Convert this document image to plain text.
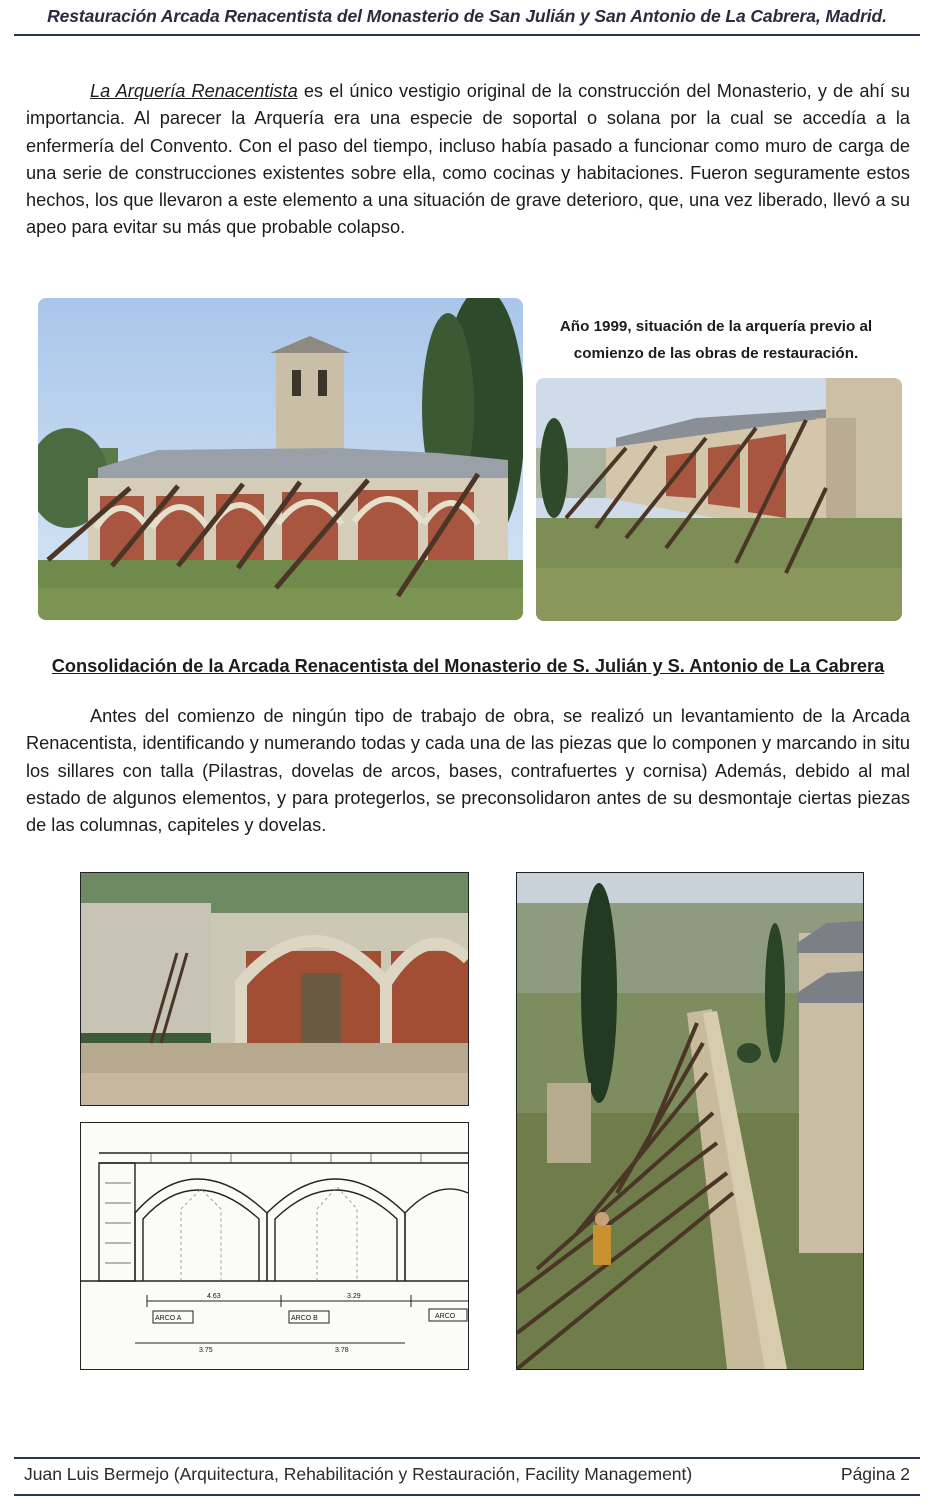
Restauración Arcada Renacentista del Monasterio de San Julián y San Antonio de La Cabrera, Madrid.

La Arquería Renacentista es el único vestigio original de la construcción del Monasterio, y de ahí su importancia. Al parecer la Arquería era una especie de soportal o solana por la cual se accedía a la enfermería del Convento. Con el paso del tiempo, incluso había pasado a funcionar como muro de carga de una serie de construcciones existentes sobre ella, como cocinas y habitaciones. Fueron seguramente estos hechos, los que llevaron a este elemento a una situación de grave deterioro, que, una vez liberado, llevó a su apeo para evitar su más que probable colapso.

Año 1999, situación de la arquería previo al comienzo de las obras de restauración.

Consolidación de la Arcada Renacentista del Monasterio de S. Julián y S. Antonio de La Cabrera

Antes del comienzo de ningún tipo de trabajo de obra, se realizó un levantamiento de la Arcada Renacentista, identificando y numerando todas y cada una de las piezas que lo componen y marcando in situ los sillares con talla (Pilastras, dovelas de arcos, bases, contrafuertes y cornisa) Además, debido al mal estado de algunos elementos, y para protegerlos, se preconsolidaron antes de su desmontaje ciertas piezas de las columnas, capiteles y dovelas.

ARCO A	ARCO B	ARCO
4.63	3.29
3.75	3.78
Juan Luis Bermejo (Arquitectura, Rehabilitación y Restauración, Facility Management)	Página 2
